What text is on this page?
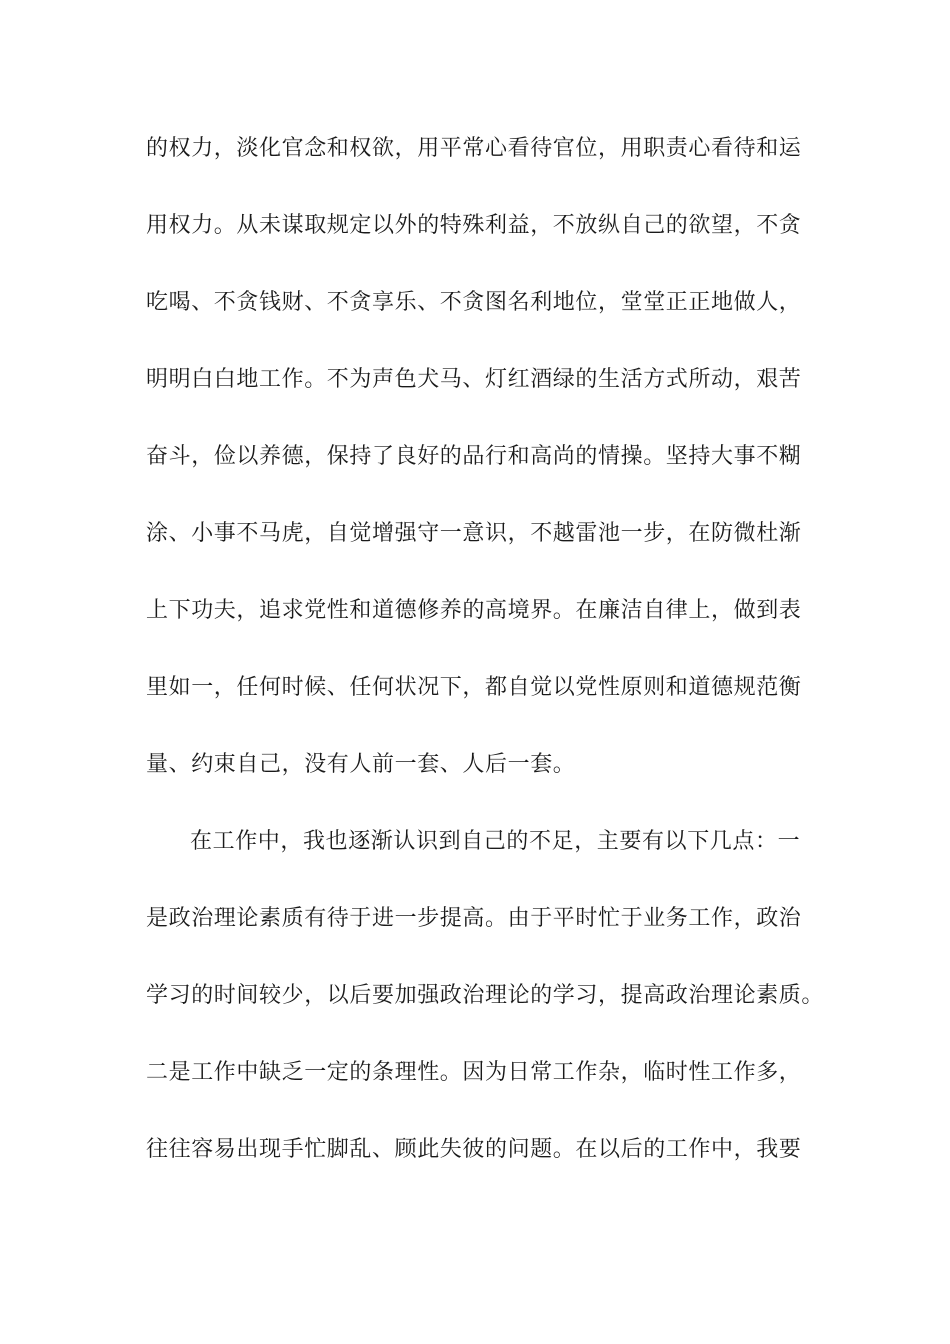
的权力，淡化官念和权欲，用平常心看待官位，用职责心看待和运
用权力。从未谋取规定以外的特殊利益，不放纵自己的欲望，不贪
吃喝、不贪钱财、不贪享乐、不贪图名利地位，堂堂正正地做人，
明明白白地工作。不为声色犬马、灯红酒绿的生活方式所动，艰苦
奋斗，俭以养德，保持了良好的品行和高尚的情操。坚持大事不糊
涂、小事不马虎，自觉增强守一意识，不越雷池一步，在防微杜渐
上下功夫，追求党性和道德修养的高境界。在廉洁自律上，做到表
里如一，任何时候、任何状况下，都自觉以党性原则和道德规范衡
量、约束自己，没有人前一套、人后一套。
在工作中，我也逐渐认识到自己的不足，主要有以下几点：一
是政治理论素质有待于进一步提高。由于平时忙于业务工作，政治
学习的时间较少，以后要加强政治理论的学习，提高政治理论素质。
二是工作中缺乏一定的条理性。因为日常工作杂，临时性工作多，
往往容易出现手忙脚乱、顾此失彼的问题。在以后的工作中，我要
